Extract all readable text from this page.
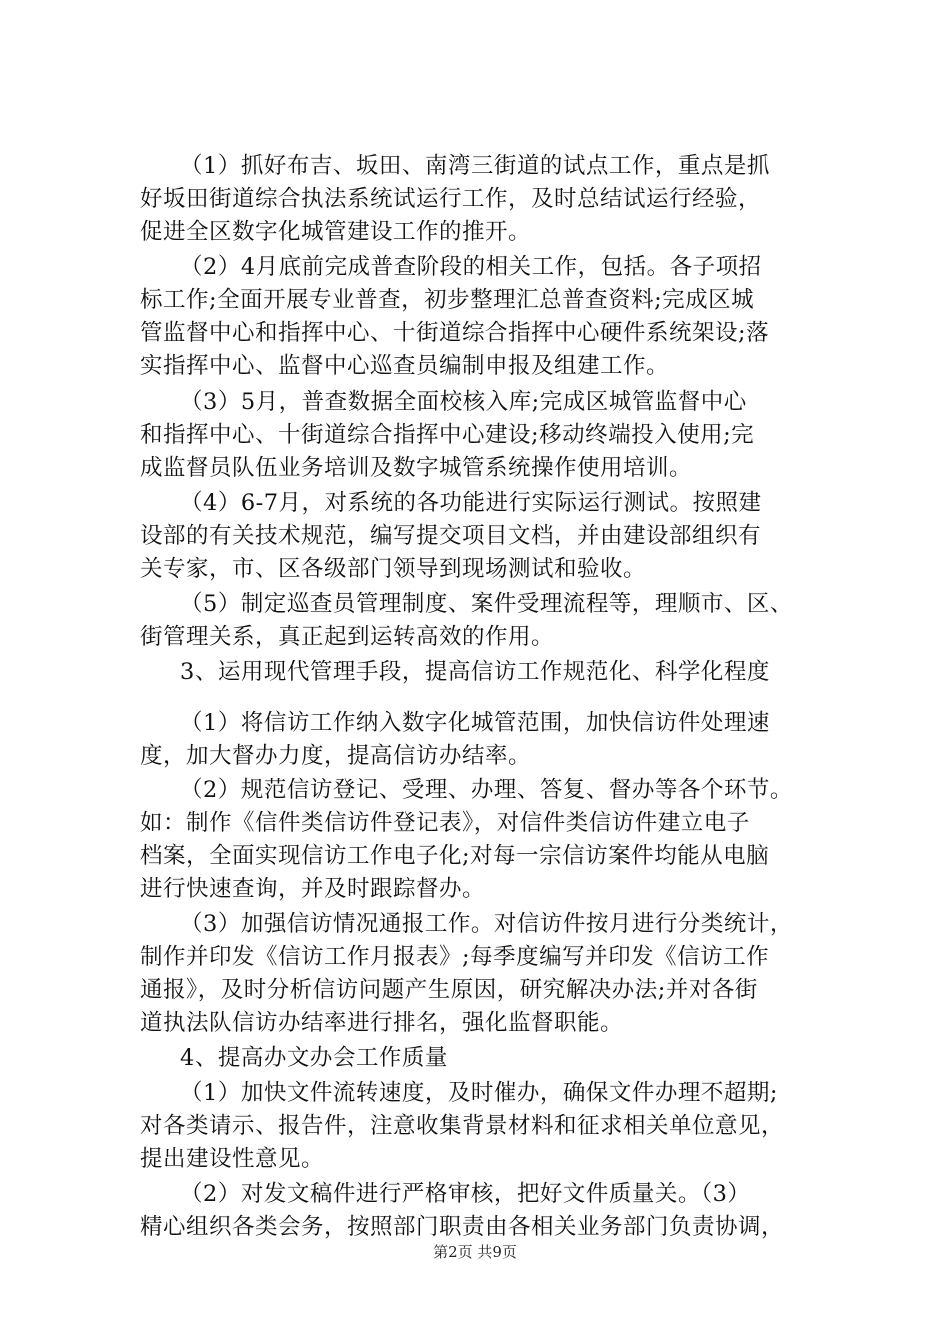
（1）抓好布吉、坂田、南湾三街道的试点工作，重点是抓

好坂田街道综合执法系统试运行工作，及时总结试运行经验，

促进全区数字化城管建设工作的推开。

（2）4月底前完成普查阶段的相关工作，包括。各子项招

标工作;全面开展专业普查，初步整理汇总普查资料;完成区城

管监督中心和指挥中心、十街道综合指挥中心硬件系统架设;落

实指挥中心、监督中心巡查员编制申报及组建工作。

（3）5月，普查数据全面校核入库;完成区城管监督中心

和指挥中心、十街道综合指挥中心建设;移动终端投入使用;完

成监督员队伍业务培训及数字城管系统操作使用培训。

（4）6-7月，对系统的各功能进行实际运行测试。按照建

设部的有关技术规范，编写提交项目文档，并由建设部组织有

关专家，市、区各级部门领导到现场测试和验收。

（5）制定巡查员管理制度、案件受理流程等，理顺市、区、

街管理关系，真正起到运转高效的作用。

3、运用现代管理手段，提高信访工作规范化、科学化程度

（1）将信访工作纳入数字化城管范围，加快信访件处理速

度，加大督办力度，提高信访办结率。

（2）规范信访登记、受理、办理、答复、督办等各个环节。

如：制作《信件类信访件登记表》，对信件类信访件建立电子

档案，全面实现信访工作电子化;对每一宗信访案件均能从电脑

进行快速查询，并及时跟踪督办。

（3）加强信访情况通报工作。对信访件按月进行分类统计，

制作并印发《信访工作月报表》;每季度编写并印发《信访工作

通报》，及时分析信访问题产生原因，研究解决办法;并对各街

道执法队信访办结率进行排名，强化监督职能。

4、提高办文办会工作质量

（1）加快文件流转速度，及时催办，确保文件办理不超期;

对各类请示、报告件，注意收集背景材料和征求相关单位意见，

提出建设性意见。

（2）对发文稿件进行严格审核，把好文件质量关。（3）

精心组织各类会务，按照部门职责由各相关业务部门负责协调，

第2页 共9页
